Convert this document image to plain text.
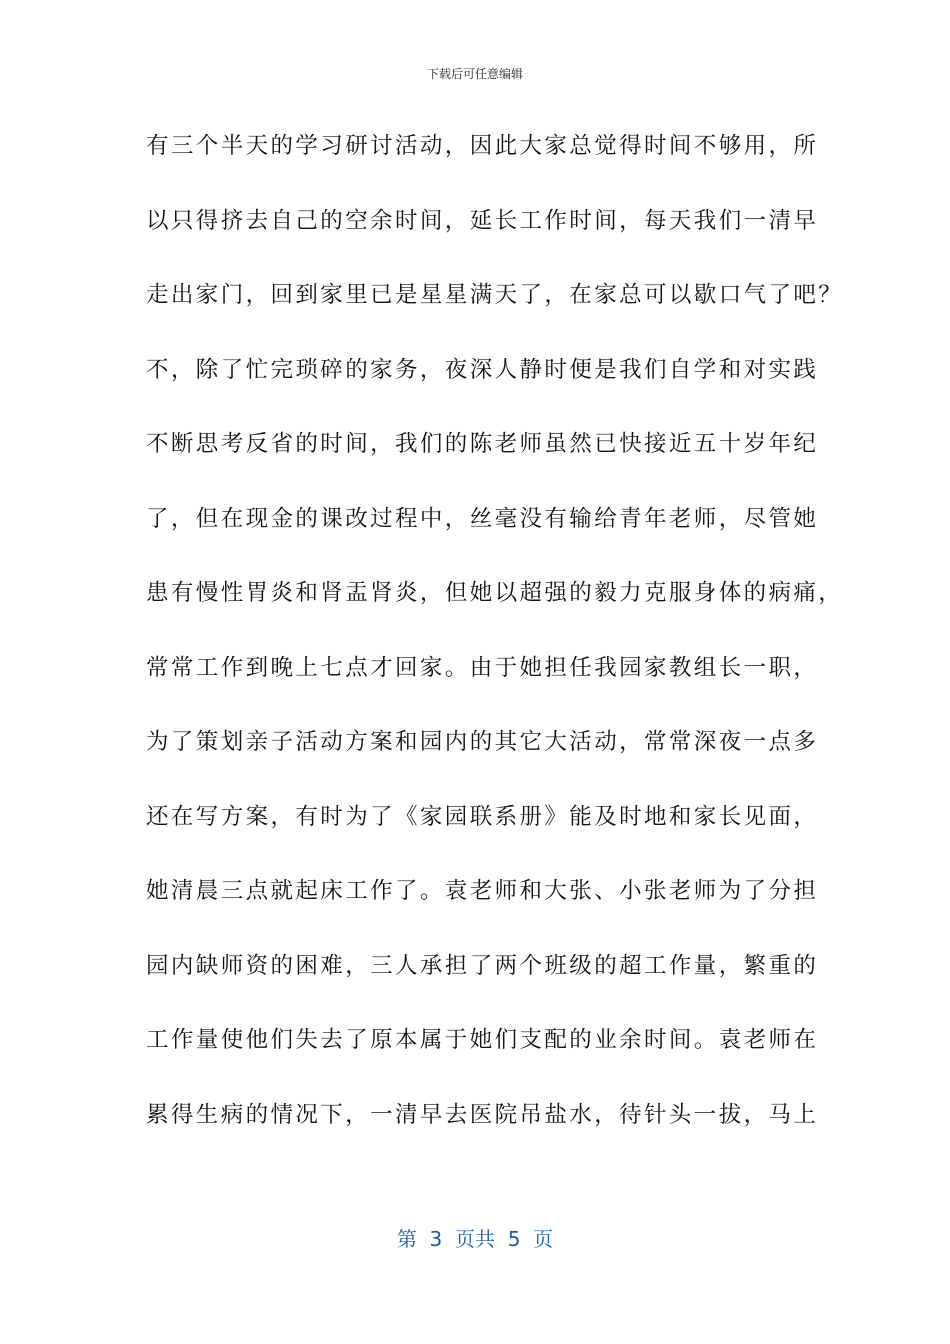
下载后可任意编辑
有三个半天的学习研讨活动，因此大家总觉得时间不够用，所
以只得挤去自己的空余时间，延长工作时间，每天我们一清早
走出家门，回到家里已是星星满天了，在家总可以歇口气了吧？
不，除了忙完琐碎的家务，夜深人静时便是我们自学和对实践
不断思考反省的时间，我们的陈老师虽然已快接近五十岁年纪
了，但在现金的课改过程中，丝毫没有输给青年老师，尽管她
患有慢性胃炎和肾盂肾炎，但她以超强的毅力克服身体的病痛，
常常工作到晚上七点才回家。由于她担任我园家教组长一职，
为了策划亲子活动方案和园内的其它大活动，常常深夜一点多
还在写方案，有时为了《家园联系册》能及时地和家长见面，
她清晨三点就起床工作了。袁老师和大张、小张老师为了分担
园内缺师资的困难，三人承担了两个班级的超工作量，繁重的
工作量使他们失去了原本属于她们支配的业余时间。袁老师在
累得生病的情况下，一清早去医院吊盐水，待针头一拔，马上
第  3  页共  5  页
